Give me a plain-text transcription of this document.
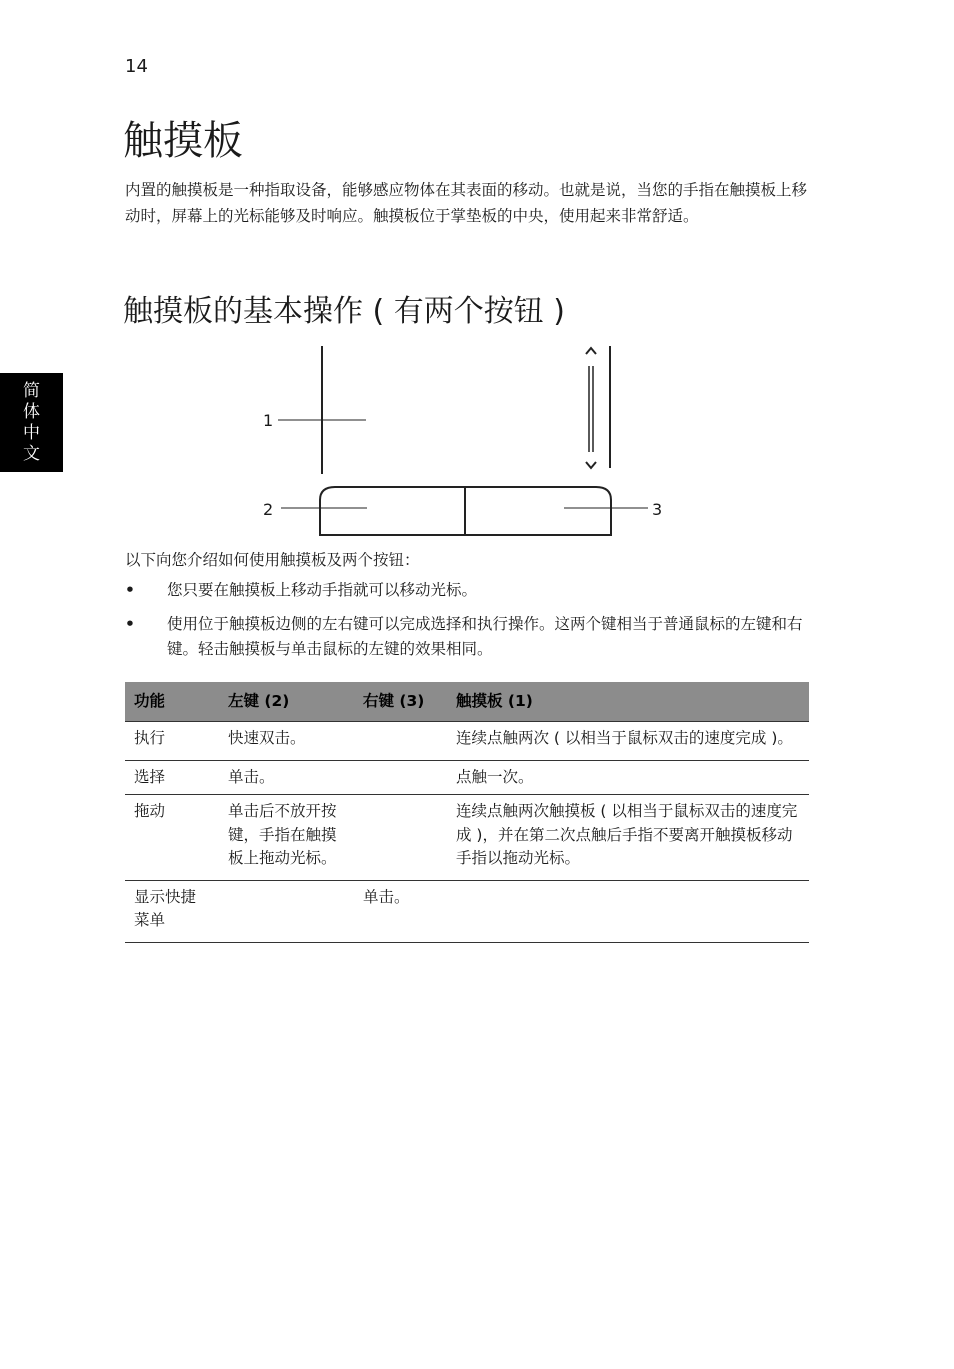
14
简
体
中
文
触摸板

内置的触摸板是一种指取设备，能够感应物体在其表面的移动。也就是说，当您的手指在触摸板上移动时，屏幕上的光标能够及时响应。触摸板位于掌垫板的中央，使用起来非常舒适。

触摸板的基本操作 ( 有两个按钮 )
1
2	3

以下向您介绍如何使用触摸板及两个按钮：

• 您只要在触摸板上移动手指就可以移动光标。
• 使用位于触摸板边侧的左右键可以完成选择和执行操作。这两个键相当于普通鼠标的左键和右键。轻击触摸板与单击鼠标的左键的效果相同。
功能	左键 (2)	右键 (3)	触摸板 (1)
执行	快速双击。		连续点触两次 ( 以相当于鼠标双击的速度完成 )。
选择	单击。		点触一次。
拖动	单击后不放开按键，手指在触摸板上拖动光标。		连续点触两次触摸板 ( 以相当于鼠标双击的速度完成 )，并在第二次点触后手指不要离开触摸板移动手指以拖动光标。
显示快捷菜单		单击。	
